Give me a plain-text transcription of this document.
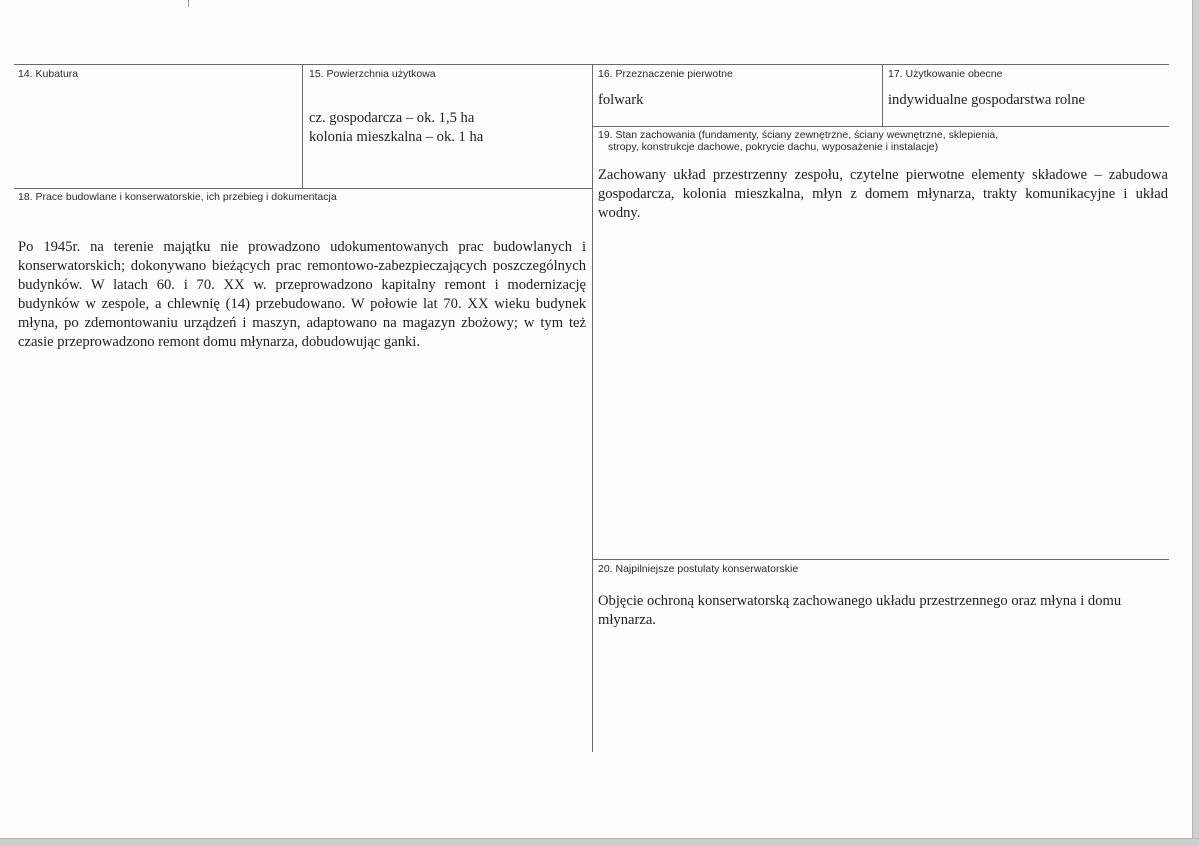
14. Kubatura	15. Powierzchnia użytkowa
cz. gospodarcza – ok. 1,5 ha
kolonia mieszkalna – ok. 1 ha
16. Przeznaczenie pierwotne
folwark
17. Użytkowanie obecne
indywidualne gospodarstwa rolne
19. Stan zachowania (fundamenty, ściany zewnętrzne, ściany wewnętrzne, sklepienia,
stropy, konstrukcje dachowe, pokrycie dachu, wyposażenie i instalacje)
Zachowany układ przestrzenny zespołu, czytelne pierwotne elementy składowe – zabudowa gospodarcza, kolonia mieszkalna, młyn z domem młynarza, trakty komunikacyjne i układ wodny.
18. Prace budowlane i konserwatorskie, ich przebieg i dokumentacja
Po 1945r. na terenie majątku nie prowadzono udokumentowanych prac budowlanych i konserwatorskich; dokonywano bieżących prac remontowo-zabezpieczających poszczególnych budynków. W latach 60. i 70. XX w. przeprowadzono kapitalny remont i modernizację budynków w zespole, a chlewnię (14) przebudowano. W połowie lat 70. XX wieku budynek młyna, po zdemontowaniu urządzeń i maszyn, adaptowano na magazyn zbożowy; w tym też czasie przeprowadzono remont domu młynarza, dobudowując ganki.
20. Najpilniejsze postulaty konserwatorskie
Objęcie ochroną konserwatorską zachowanego układu przestrzennego oraz młyna i domu młynarza.
